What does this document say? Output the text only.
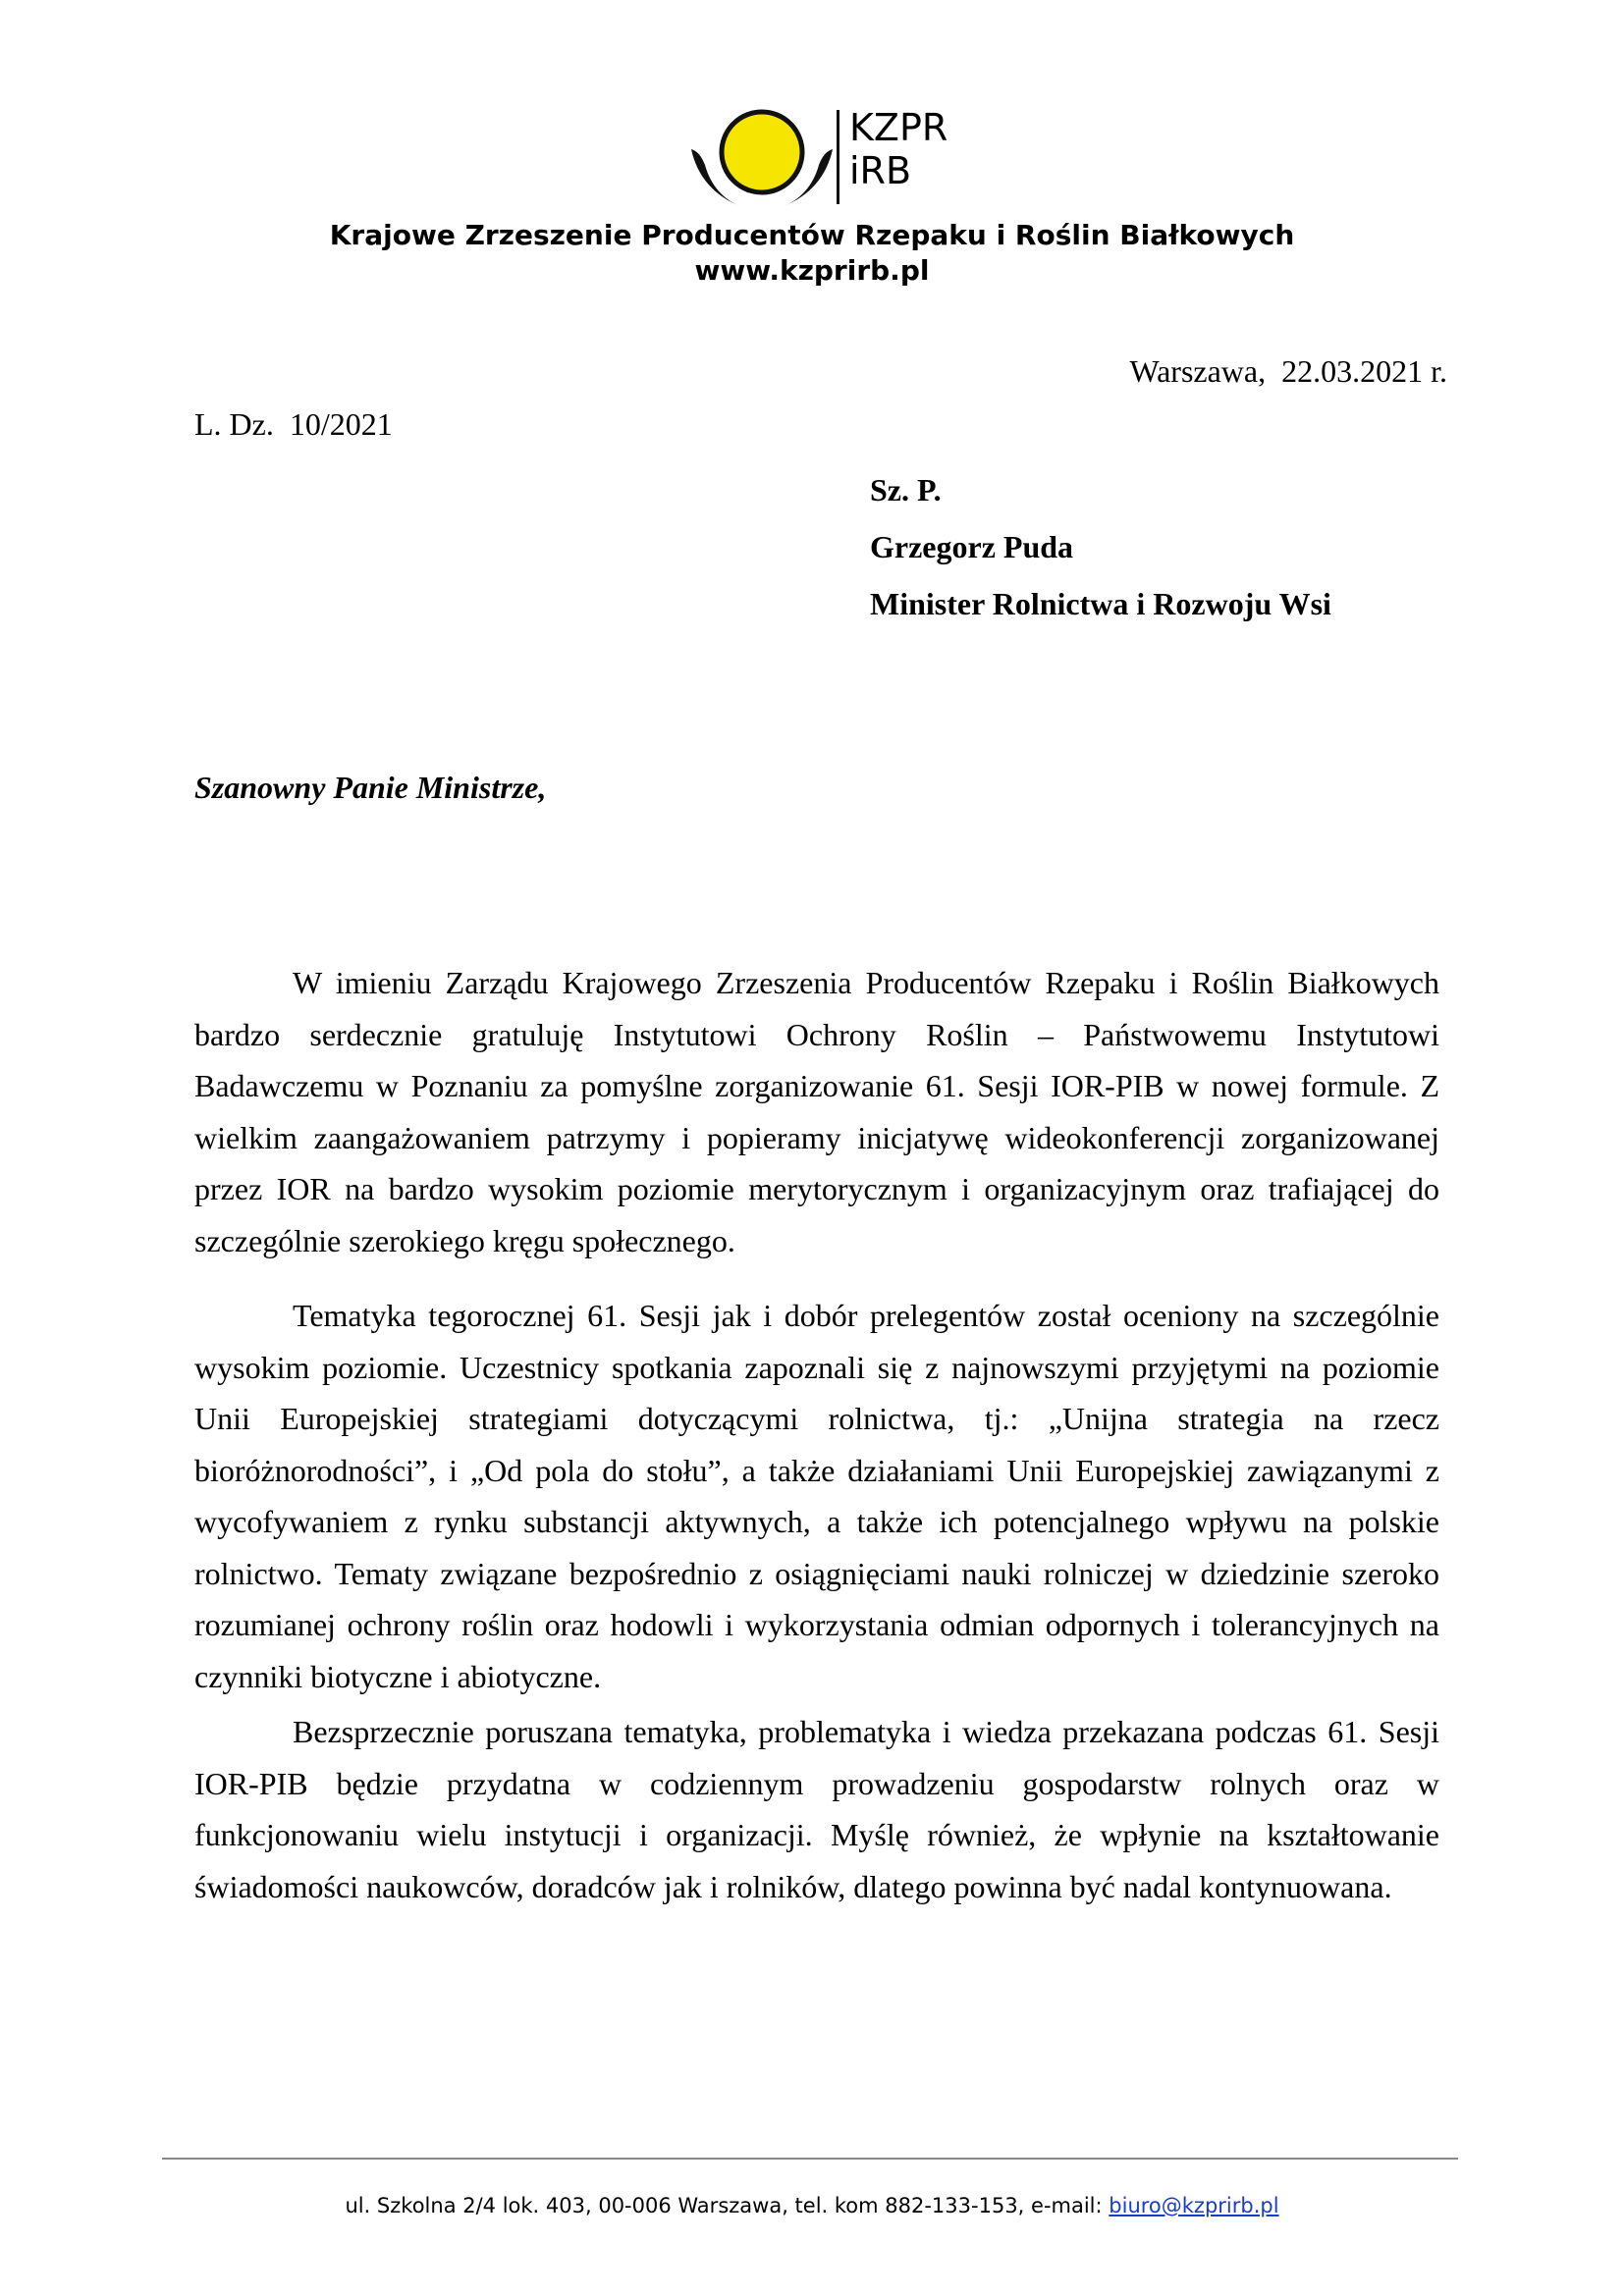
KZPR
iRB
Krajowe Zrzeszenie Producentów Rzepaku i Roślin Białkowych
www.kzprirb.pl
Warszawa,  22.03.2021 r.
L. Dz.  10/2021
Sz. P.
Grzegorz Puda
Minister Rolnictwa i Rozwoju Wsi
Szanowny Panie Ministrze,

W imieniu Zarządu Krajowego Zrzeszenia Producentów Rzepaku i Roślin Białkowych bardzo serdecznie gratuluję Instytutowi Ochrony Roślin – Państwowemu Instytutowi Badawczemu w Poznaniu za pomyślne zorganizowanie 61. Sesji IOR-PIB w nowej formule. Z wielkim zaangażowaniem patrzymy i popieramy inicjatywę wideokonferencji zorganizowanej przez IOR na bardzo wysokim poziomie merytorycznym i organizacyjnym oraz trafiającej do szczególnie szerokiego kręgu społecznego.

Tematyka tegorocznej 61. Sesji jak i dobór prelegentów został oceniony na szczególnie wysokim poziomie. Uczestnicy spotkania zapoznali się z najnowszymi przyjętymi na poziomie Unii Europejskiej strategiami dotyczącymi rolnictwa, tj.: „Unijna strategia na rzecz bioróżnorodności”, i „Od pola do stołu”, a także działaniami Unii Europejskiej zawiązanymi z wycofywaniem z rynku substancji aktywnych, a także ich potencjalnego wpływu na polskie rolnictwo. Tematy związane bezpośrednio z osiągnięciami nauki rolniczej w dziedzinie szeroko rozumianej ochrony roślin oraz hodowli i wykorzystania odmian odpornych i tolerancyjnych na czynniki biotyczne i abiotyczne.

Bezsprzecznie poruszana tematyka, problematyka i wiedza przekazana podczas 61. Sesji IOR-PIB będzie przydatna w codziennym prowadzeniu gospodarstw rolnych oraz w funkcjonowaniu wielu instytucji i organizacji. Myślę również, że wpłynie na kształtowanie świadomości naukowców, doradców jak i rolników, dlatego powinna być nadal kontynuowana.

ul. Szkolna 2/4 lok. 403, 00-006 Warszawa, tel. kom 882-133-153, e-mail: biuro@kzprirb.pl
